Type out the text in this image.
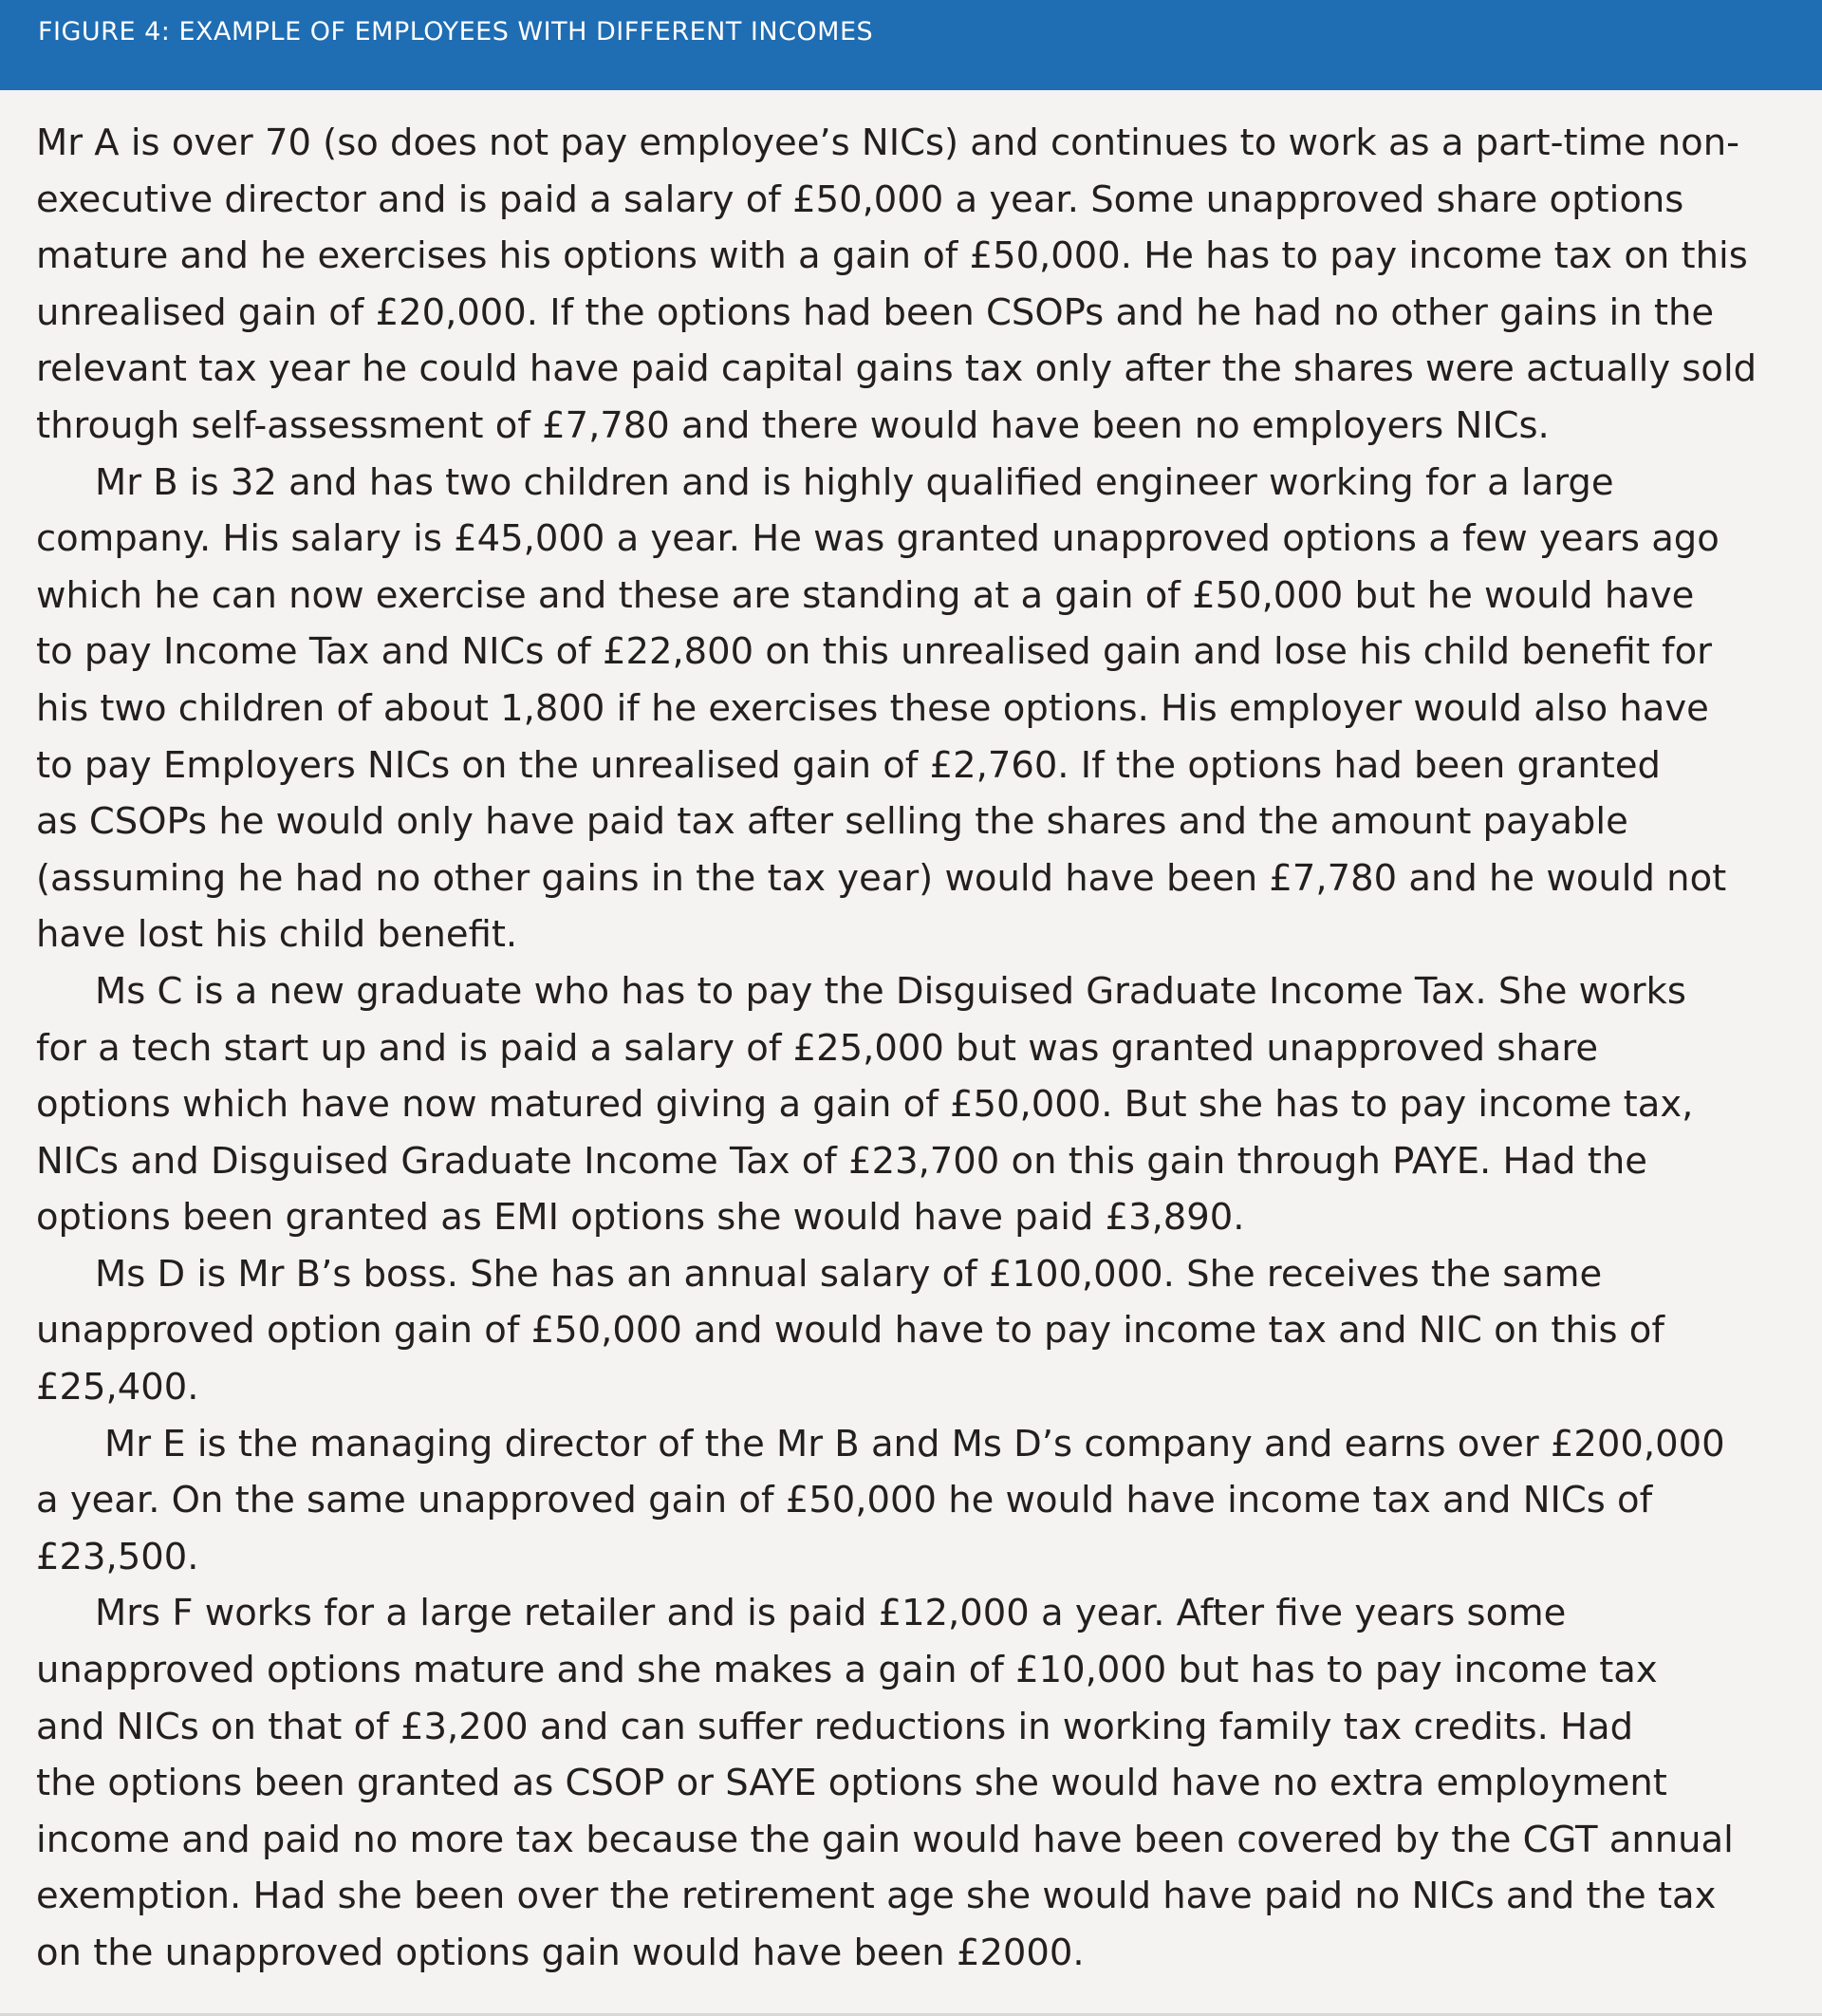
FIGURE 4: EXAMPLE OF EMPLOYEES WITH DIFFERENT INCOMES
Mr A is over 70 (so does not pay employee’s NICs) and continues to work as a part-time non-
executive director and is paid a salary of £50,000 a year. Some unapproved share options
mature and he exercises his options with a gain of £50,000. He has to pay income tax on this
unrealised gain of £20,000. If the options had been CSOPs and he had no other gains in the
relevant tax year he could have paid capital gains tax only after the shares were actually sold
through self-assessment of £7,780 and there would have been no employers NICs.
Mr B is 32 and has two children and is highly qualified engineer working for a large
company. His salary is £45,000 a year. He was granted unapproved options a few years ago
which he can now exercise and these are standing at a gain of £50,000 but he would have
to pay Income Tax and NICs of £22,800 on this unrealised gain and lose his child benefit for
his two children of about 1,800 if he exercises these options. His employer would also have
to pay Employers NICs on the unrealised gain of £2,760. If the options had been granted
as CSOPs he would only have paid tax after selling the shares and the amount payable
(assuming he had no other gains in the tax year) would have been £7,780 and he would not
have lost his child benefit.
Ms C is a new graduate who has to pay the Disguised Graduate Income Tax. She works
for a tech start up and is paid a salary of £25,000 but was granted unapproved share
options which have now matured giving a gain of £50,000. But she has to pay income tax,
NICs and Disguised Graduate Income Tax of £23,700 on this gain through PAYE. Had the
options been granted as EMI options she would have paid £3,890.
Ms D is Mr B’s boss. She has an annual salary of £100,000. She receives the same
unapproved option gain of £50,000 and would have to pay income tax and NIC on this of
£25,400.
Mr E is the managing director of the Mr B and Ms D’s company and earns over £200,000
a year. On the same unapproved gain of £50,000 he would have income tax and NICs of
£23,500.
Mrs F works for a large retailer and is paid £12,000 a year. After five years some
unapproved options mature and she makes a gain of £10,000 but has to pay income tax
and NICs on that of £3,200 and can suffer reductions in working family tax credits. Had
the options been granted as CSOP or SAYE options she would have no extra employment
income and paid no more tax because the gain would have been covered by the CGT annual
exemption. Had she been over the retirement age she would have paid no NICs and the tax
on the unapproved options gain would have been £2000.
